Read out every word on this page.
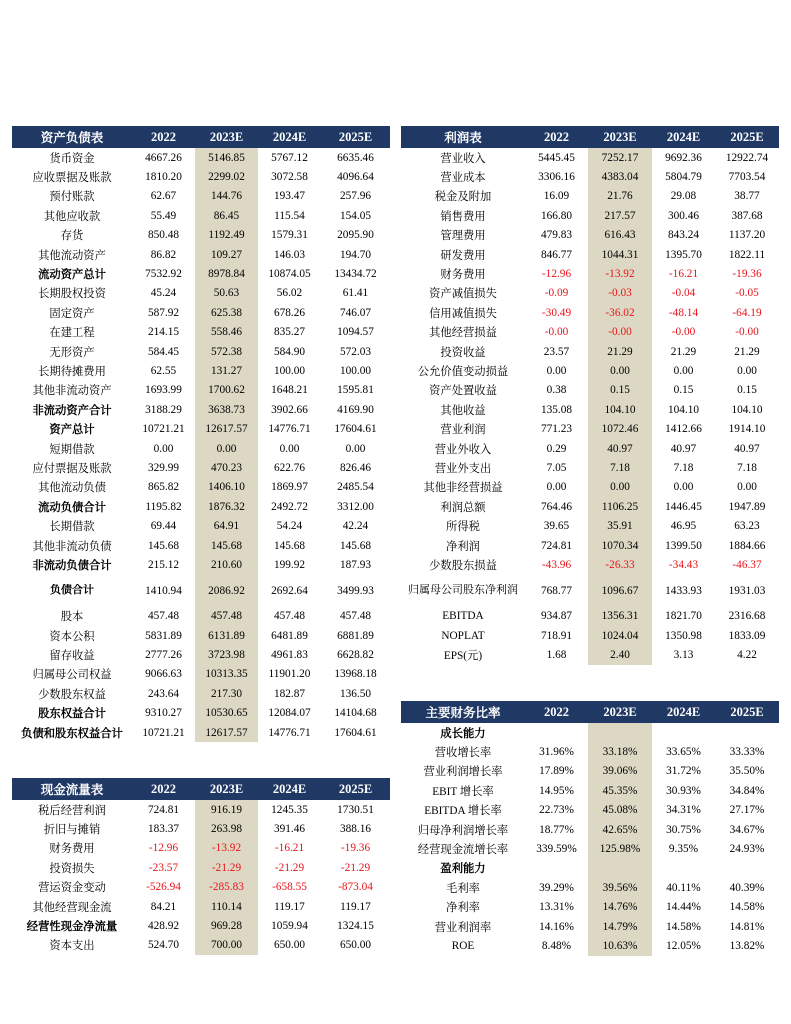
资产负债表	2022	2023E	2024E	2025E
货币资金	4667.26	5146.85	5767.12	6635.46
应收票据及账款	1810.20	2299.02	3072.58	4096.64
预付账款	62.67	144.76	193.47	257.96
其他应收款	55.49	86.45	115.54	154.05
存货	850.48	1192.49	1579.31	2095.90
其他流动资产	86.82	109.27	146.03	194.70
流动资产总计	7532.92	8978.84	10874.05	13434.72
长期股权投资	45.24	50.63	56.02	61.41
固定资产	587.92	625.38	678.26	746.07
在建工程	214.15	558.46	835.27	1094.57
无形资产	584.45	572.38	584.90	572.03
长期待摊费用	62.55	131.27	100.00	100.00
其他非流动资产	1693.99	1700.62	1648.21	1595.81
非流动资产合计	3188.29	3638.73	3902.66	4169.90
资产总计	10721.21	12617.57	14776.71	17604.61
短期借款	0.00	0.00	0.00	0.00
应付票据及账款	329.99	470.23	622.76	826.46
其他流动负债	865.82	1406.10	1869.97	2485.54
流动负债合计	1195.82	1876.32	2492.72	3312.00
长期借款	69.44	64.91	54.24	42.24
其他非流动负债	145.68	145.68	145.68	145.68
非流动负债合计	215.12	210.60	199.92	187.93
负债合计	1410.94	2086.92	2692.64	3499.93
股本	457.48	457.48	457.48	457.48
资本公积	5831.89	6131.89	6481.89	6881.89
留存收益	2777.26	3723.98	4961.83	6628.82
归属母公司权益	9066.63	10313.35	11901.20	13968.18
少数股东权益	243.64	217.30	182.87	136.50
股东权益合计	9310.27	10530.65	12084.07	14104.68
负债和股东权益合计	10721.21	12617.57	14776.71	17604.61
利润表	2022	2023E	2024E	2025E
营业收入	5445.45	7252.17	9692.36	12922.74
营业成本	3306.16	4383.04	5804.79	7703.54
税金及附加	16.09	21.76	29.08	38.77
销售费用	166.80	217.57	300.46	387.68
管理费用	479.83	616.43	843.24	1137.20
研发费用	846.77	1044.31	1395.70	1822.11
财务费用	-12.96	-13.92	-16.21	-19.36
资产减值损失	-0.09	-0.03	-0.04	-0.05
信用减值损失	-30.49	-36.02	-48.14	-64.19
其他经营损益	-0.00	-0.00	-0.00	-0.00
投资收益	23.57	21.29	21.29	21.29
公允价值变动损益	0.00	0.00	0.00	0.00
资产处置收益	0.38	0.15	0.15	0.15
其他收益	135.08	104.10	104.10	104.10
营业利润	771.23	1072.46	1412.66	1914.10
营业外收入	0.29	40.97	40.97	40.97
营业外支出	7.05	7.18	7.18	7.18
其他非经营损益	0.00	0.00	0.00	0.00
利润总额	764.46	1106.25	1446.45	1947.89
所得税	39.65	35.91	46.95	63.23
净利润	724.81	1070.34	1399.50	1884.66
少数股东损益	-43.96	-26.33	-34.43	-46.37
归属母公司股东净利润	768.77	1096.67	1433.93	1931.03
EBITDA	934.87	1356.31	1821.70	2316.68
NOPLAT	718.91	1024.04	1350.98	1833.09
EPS(元)	1.68	2.40	3.13	4.22
现金流量表	2022	2023E	2024E	2025E
税后经营利润	724.81	916.19	1245.35	1730.51
折旧与摊销	183.37	263.98	391.46	388.16
财务费用	-12.96	-13.92	-16.21	-19.36
投资损失	-23.57	-21.29	-21.29	-21.29
营运资金变动	-526.94	-285.83	-658.55	-873.04
其他经营现金流	84.21	110.14	119.17	119.17
经营性现金净流量	428.92	969.28	1059.94	1324.15
资本支出	524.70	700.00	650.00	650.00
主要财务比率	2022	2023E	2024E	2025E
成长能力
营收增长率	31.96%	33.18%	33.65%	33.33%
营业利润增长率	17.89%	39.06%	31.72%	35.50%
EBIT 增长率	14.95%	45.35%	30.93%	34.84%
EBITDA 增长率	22.73%	45.08%	34.31%	27.17%
归母净利润增长率	18.77%	42.65%	30.75%	34.67%
经营现金流增长率	339.59%	125.98%	9.35%	24.93%
盈利能力
毛利率	39.29%	39.56%	40.11%	40.39%
净利率	13.31%	14.76%	14.44%	14.58%
营业利润率	14.16%	14.79%	14.58%	14.81%
ROE	8.48%	10.63%	12.05%	13.82%
